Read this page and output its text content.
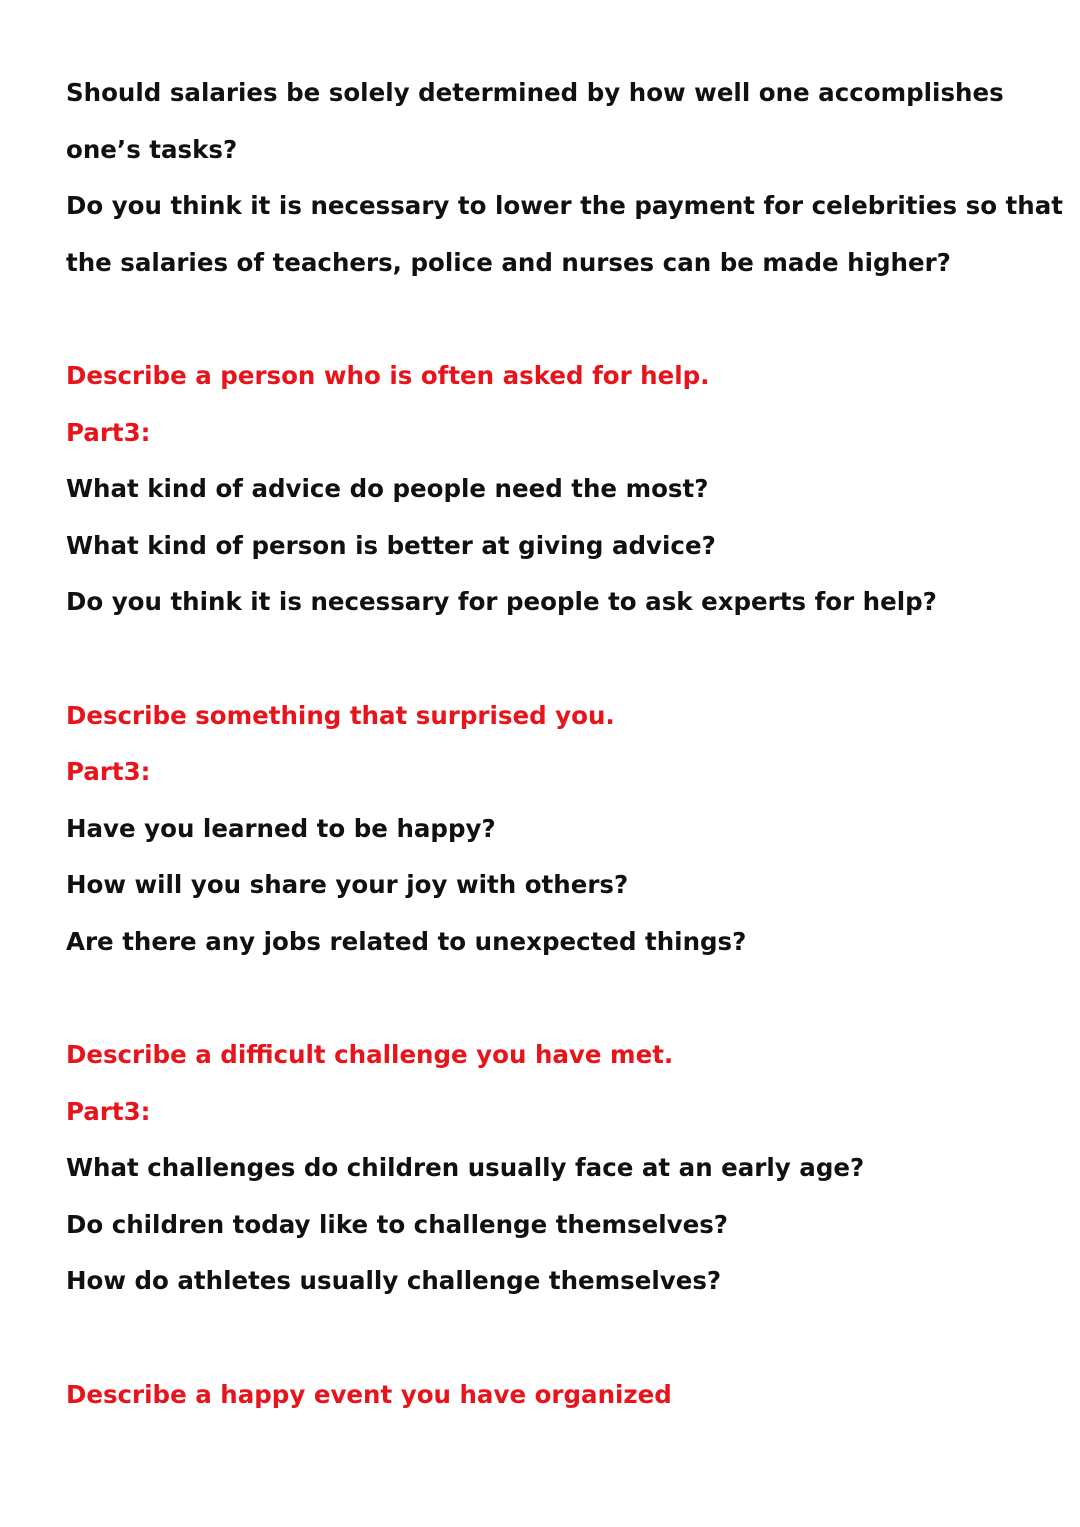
Should salaries be solely determined by how well one accomplishes
one’s tasks?
Do you think it is necessary to lower the payment for celebrities so that
the salaries of teachers, police and nurses can be made higher?
Describe a person who is often asked for help.
Part3:
What kind of advice do people need the most?
What kind of person is better at giving advice?
Do you think it is necessary for people to ask experts for help?
Describe something that surprised you.
Part3:
Have you learned to be happy?
How will you share your joy with others?
Are there any jobs related to unexpected things?
Describe a difficult challenge you have met.
Part3:
What challenges do children usually face at an early age?
Do children today like to challenge themselves?
How do athletes usually challenge themselves?
Describe a happy event you have organized
